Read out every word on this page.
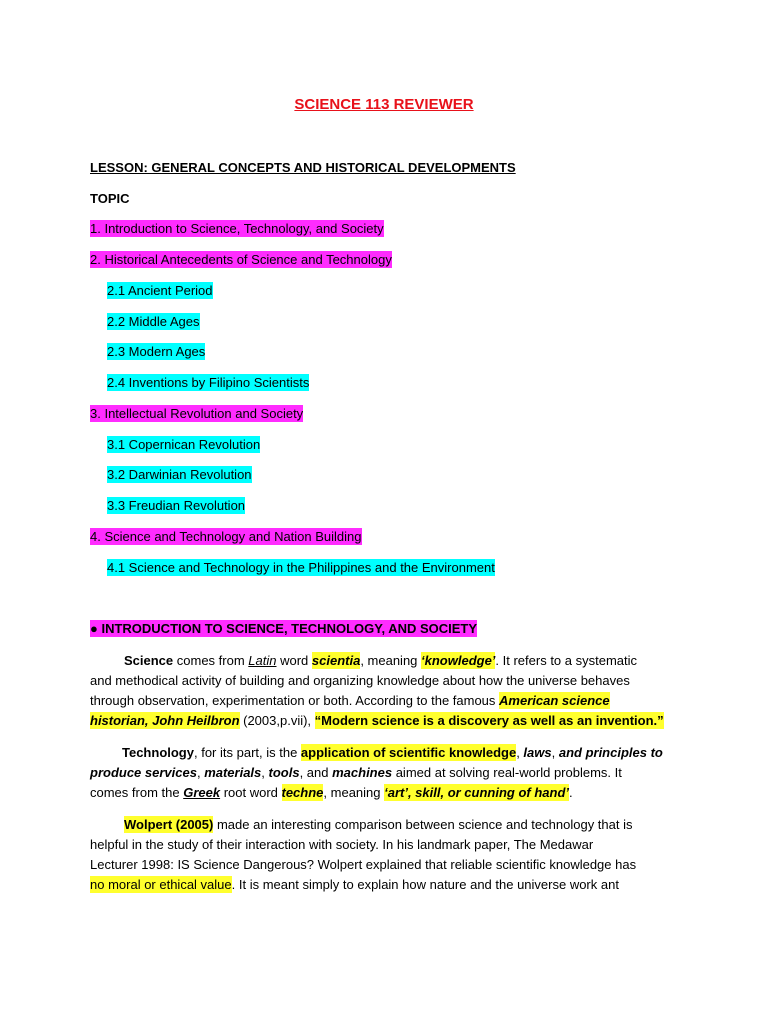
SCIENCE 113 REVIEWER
LESSON: GENERAL CONCEPTS AND HISTORICAL DEVELOPMENTS
TOPIC
1. Introduction to Science, Technology, and Society
2. Historical Antecedents of Science and Technology
2.1 Ancient Period
2.2 Middle Ages
2.3 Modern Ages
2.4 Inventions by Filipino Scientists
3. Intellectual Revolution and Society
3.1 Copernican Revolution
3.2 Darwinian Revolution
3.3 Freudian Revolution
4. Science and Technology and Nation Building
4.1 Science and Technology in the Philippines and the Environment
● INTRODUCTION TO SCIENCE, TECHNOLOGY, AND SOCIETY
Science comes from Latin word scientia, meaning ‘knowledge’. It refers to a systematic
and methodical activity of building and organizing knowledge about how the universe behaves
through observation, experimentation or both. According to the famous American science
historian, John Heilbron (2003,p.vii), “Modern science is a discovery as well as an invention.”
Technology, for its part, is the application of scientific knowledge, laws, and principles to
produce services, materials, tools, and machines aimed at solving real-world problems. It
comes from the Greek root word techne, meaning ‘art’, skill, or cunning of hand’.
Wolpert (2005) made an interesting comparison between science and technology that is
helpful in the study of their interaction with society. In his landmark paper, The Medawar
Lecturer 1998: IS Science Dangerous? Wolpert explained that reliable scientific knowledge has
no moral or ethical value. It is meant simply to explain how nature and the universe work ant
